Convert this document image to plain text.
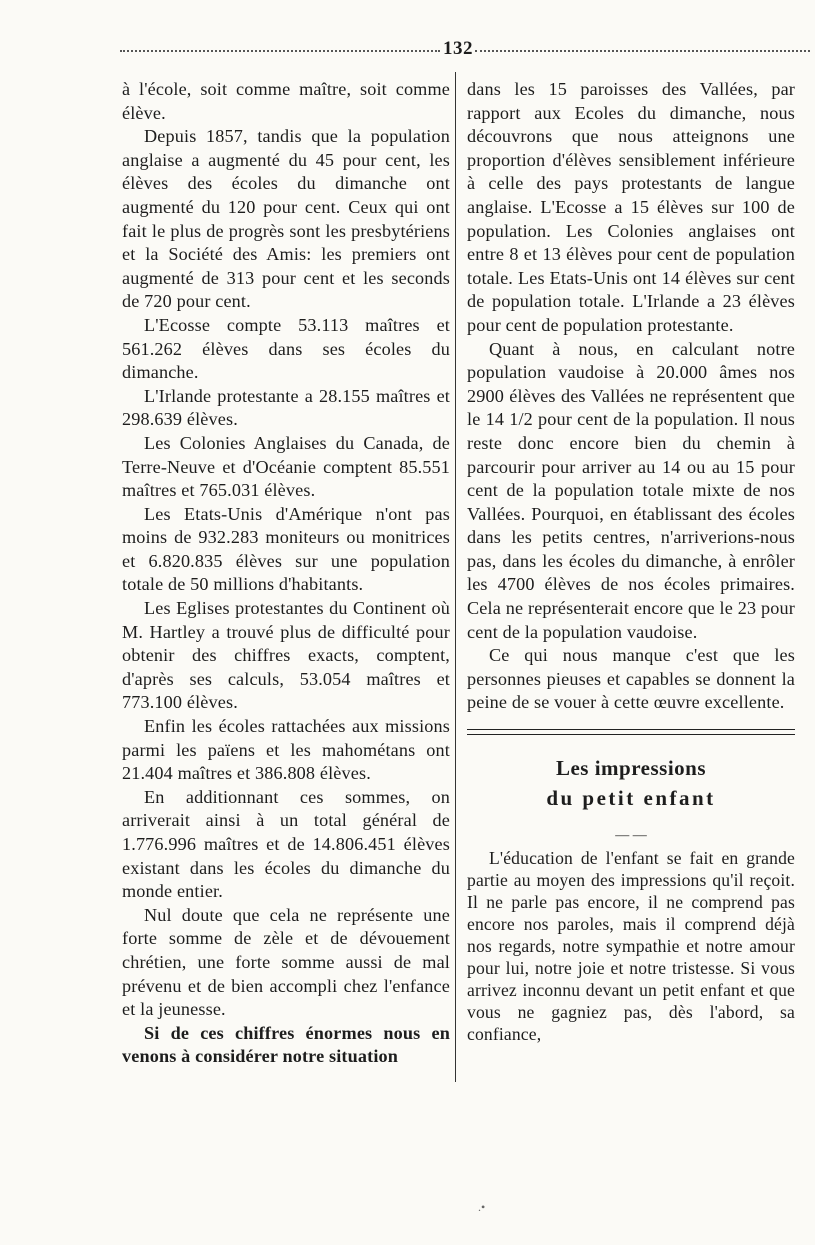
132

à l'école, soit comme maître, soit comme élève.

Depuis 1857, tandis que la population anglaise a augmenté du 45 pour cent, les élèves des écoles du dimanche ont augmenté du 120 pour cent. Ceux qui ont fait le plus de progrès sont les presbytériens et la Société des Amis: les premiers ont augmenté de 313 pour cent et les seconds de 720 pour cent.

L'Ecosse compte 53.113 maîtres et 561.262 élèves dans ses écoles du dimanche.

L'Irlande protestante a 28.155 maîtres et 298.639 élèves.

Les Colonies Anglaises du Canada, de Terre-Neuve et d'Océanie comptent 85.551 maîtres et 765.031 élèves.

Les Etats-Unis d'Amérique n'ont pas moins de 932.283 moniteurs ou monitrices et 6.820.835 élèves sur une population totale de 50 millions d'habitants.

Les Eglises protestantes du Continent où M. Hartley a trouvé plus de difficulté pour obtenir des chiffres exacts, comptent, d'après ses calculs, 53.054 maîtres et 773.100 élèves.

Enfin les écoles rattachées aux missions parmi les païens et les mahométans ont 21.404 maîtres et 386.808 élèves.

En additionnant ces sommes, on arriverait ainsi à un total général de 1.776.996 maîtres et de 14.806.451 élèves existant dans les écoles du dimanche du monde entier.

Nul doute que cela ne représente une forte somme de zèle et de dévouement chrétien, une forte somme aussi de mal prévenu et de bien accompli chez l'enfance et la jeunesse.

Si de ces chiffres énormes nous en venons à considérer notre situation

dans les 15 paroisses des Vallées, par rapport aux Ecoles du dimanche, nous découvrons que nous atteignons une proportion d'élèves sensiblement inférieure à celle des pays protestants de langue anglaise. L'Ecosse a 15 élèves sur 100 de population. Les Colonies anglaises ont entre 8 et 13 élèves pour cent de population totale. Les Etats-Unis ont 14 élèves sur cent de population totale. L'Irlande a 23 élèves pour cent de population protestante.

Quant à nous, en calculant notre population vaudoise à 20.000 âmes nos 2900 élèves des Vallées ne représentent que le 14 1/2 pour cent de la population. Il nous reste donc encore bien du chemin à parcourir pour arriver au 14 ou au 15 pour cent de la population totale mixte de nos Vallées. Pourquoi, en établissant des écoles dans les petits centres, n'arriverions-nous pas, dans les écoles du dimanche, à enrôler les 4700 élèves de nos écoles primaires. Cela ne représenterait encore que le 23 pour cent de la population vaudoise.

Ce qui nous manque c'est que les personnes pieuses et capables se donnent la peine de se vouer à cette œuvre excellente.

Les impressions
du petit enfant
— —

L'éducation de l'enfant se fait en grande partie au moyen des impressions qu'il reçoit. Il ne parle pas encore, il ne comprend pas encore nos paroles, mais il comprend déjà nos regards, notre sympathie et notre amour pour lui, notre joie et notre tristesse. Si vous arrivez inconnu devant un petit enfant et que vous ne gagniez pas, dès l'abord, sa confiance,

.•
